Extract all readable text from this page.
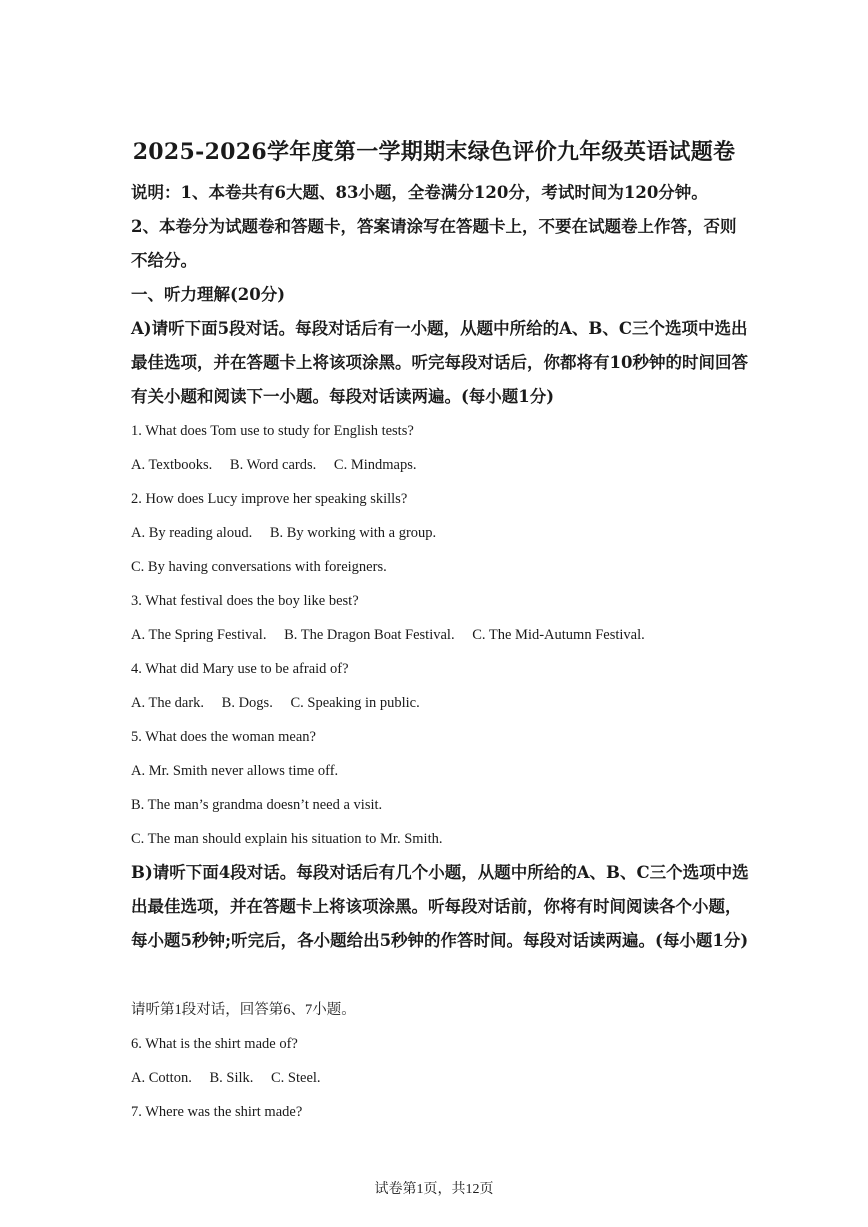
2025-2026学年度第一学期期末绿色评价九年级英语试题卷
说明：1、本卷共有6大题、83小题，全卷满分120分，考试时间为120分钟。
2、本卷分为试题卷和答题卡，答案请涂写在答题卡上，不要在试题卷上作答，否则不给分。
一、听力理解(20分)
A)请听下面5段对话。每段对话后有一小题，从题中所给的A、B、C三个选项中选出最佳选项，并在答题卡上将该项涂黑。听完每段对话后，你都将有10秒钟的时间回答有关小题和阅读下一小题。每段对话读两遍。(每小题1分)
1. What does Tom use to study for English tests?
A. Textbooks. B. Word cards. C. Mindmaps.
2. How does Lucy improve her speaking skills?
A. By reading aloud. B. By working with a group.
C. By having conversations with foreigners.
3. What festival does the boy like best?
A. The Spring Festival. B. The Dragon Boat Festival. C. The Mid-Autumn Festival.
4. What did Mary use to be afraid of?
A. The dark. B. Dogs. C. Speaking in public.
5. What does the woman mean?
A. Mr. Smith never allows time off.
B. The man’s grandma doesn’t need a visit.
C. The man should explain his situation to Mr. Smith.
B)请听下面4段对话。每段对话后有几个小题，从题中所给的A、B、C三个选项中选出最佳选项，并在答题卡上将该项涂黑。听每段对话前，你将有时间阅读各个小题，每小题5秒钟;听完后，各小题给出5秒钟的作答时间。每段对话读两遍。(每小题1分)
请听第1段对话，回答第6、7小题。
6. What is the shirt made of?
A. Cotton. B. Silk. C. Steel.
7. Where was the shirt made?
试卷第1页，共12页
